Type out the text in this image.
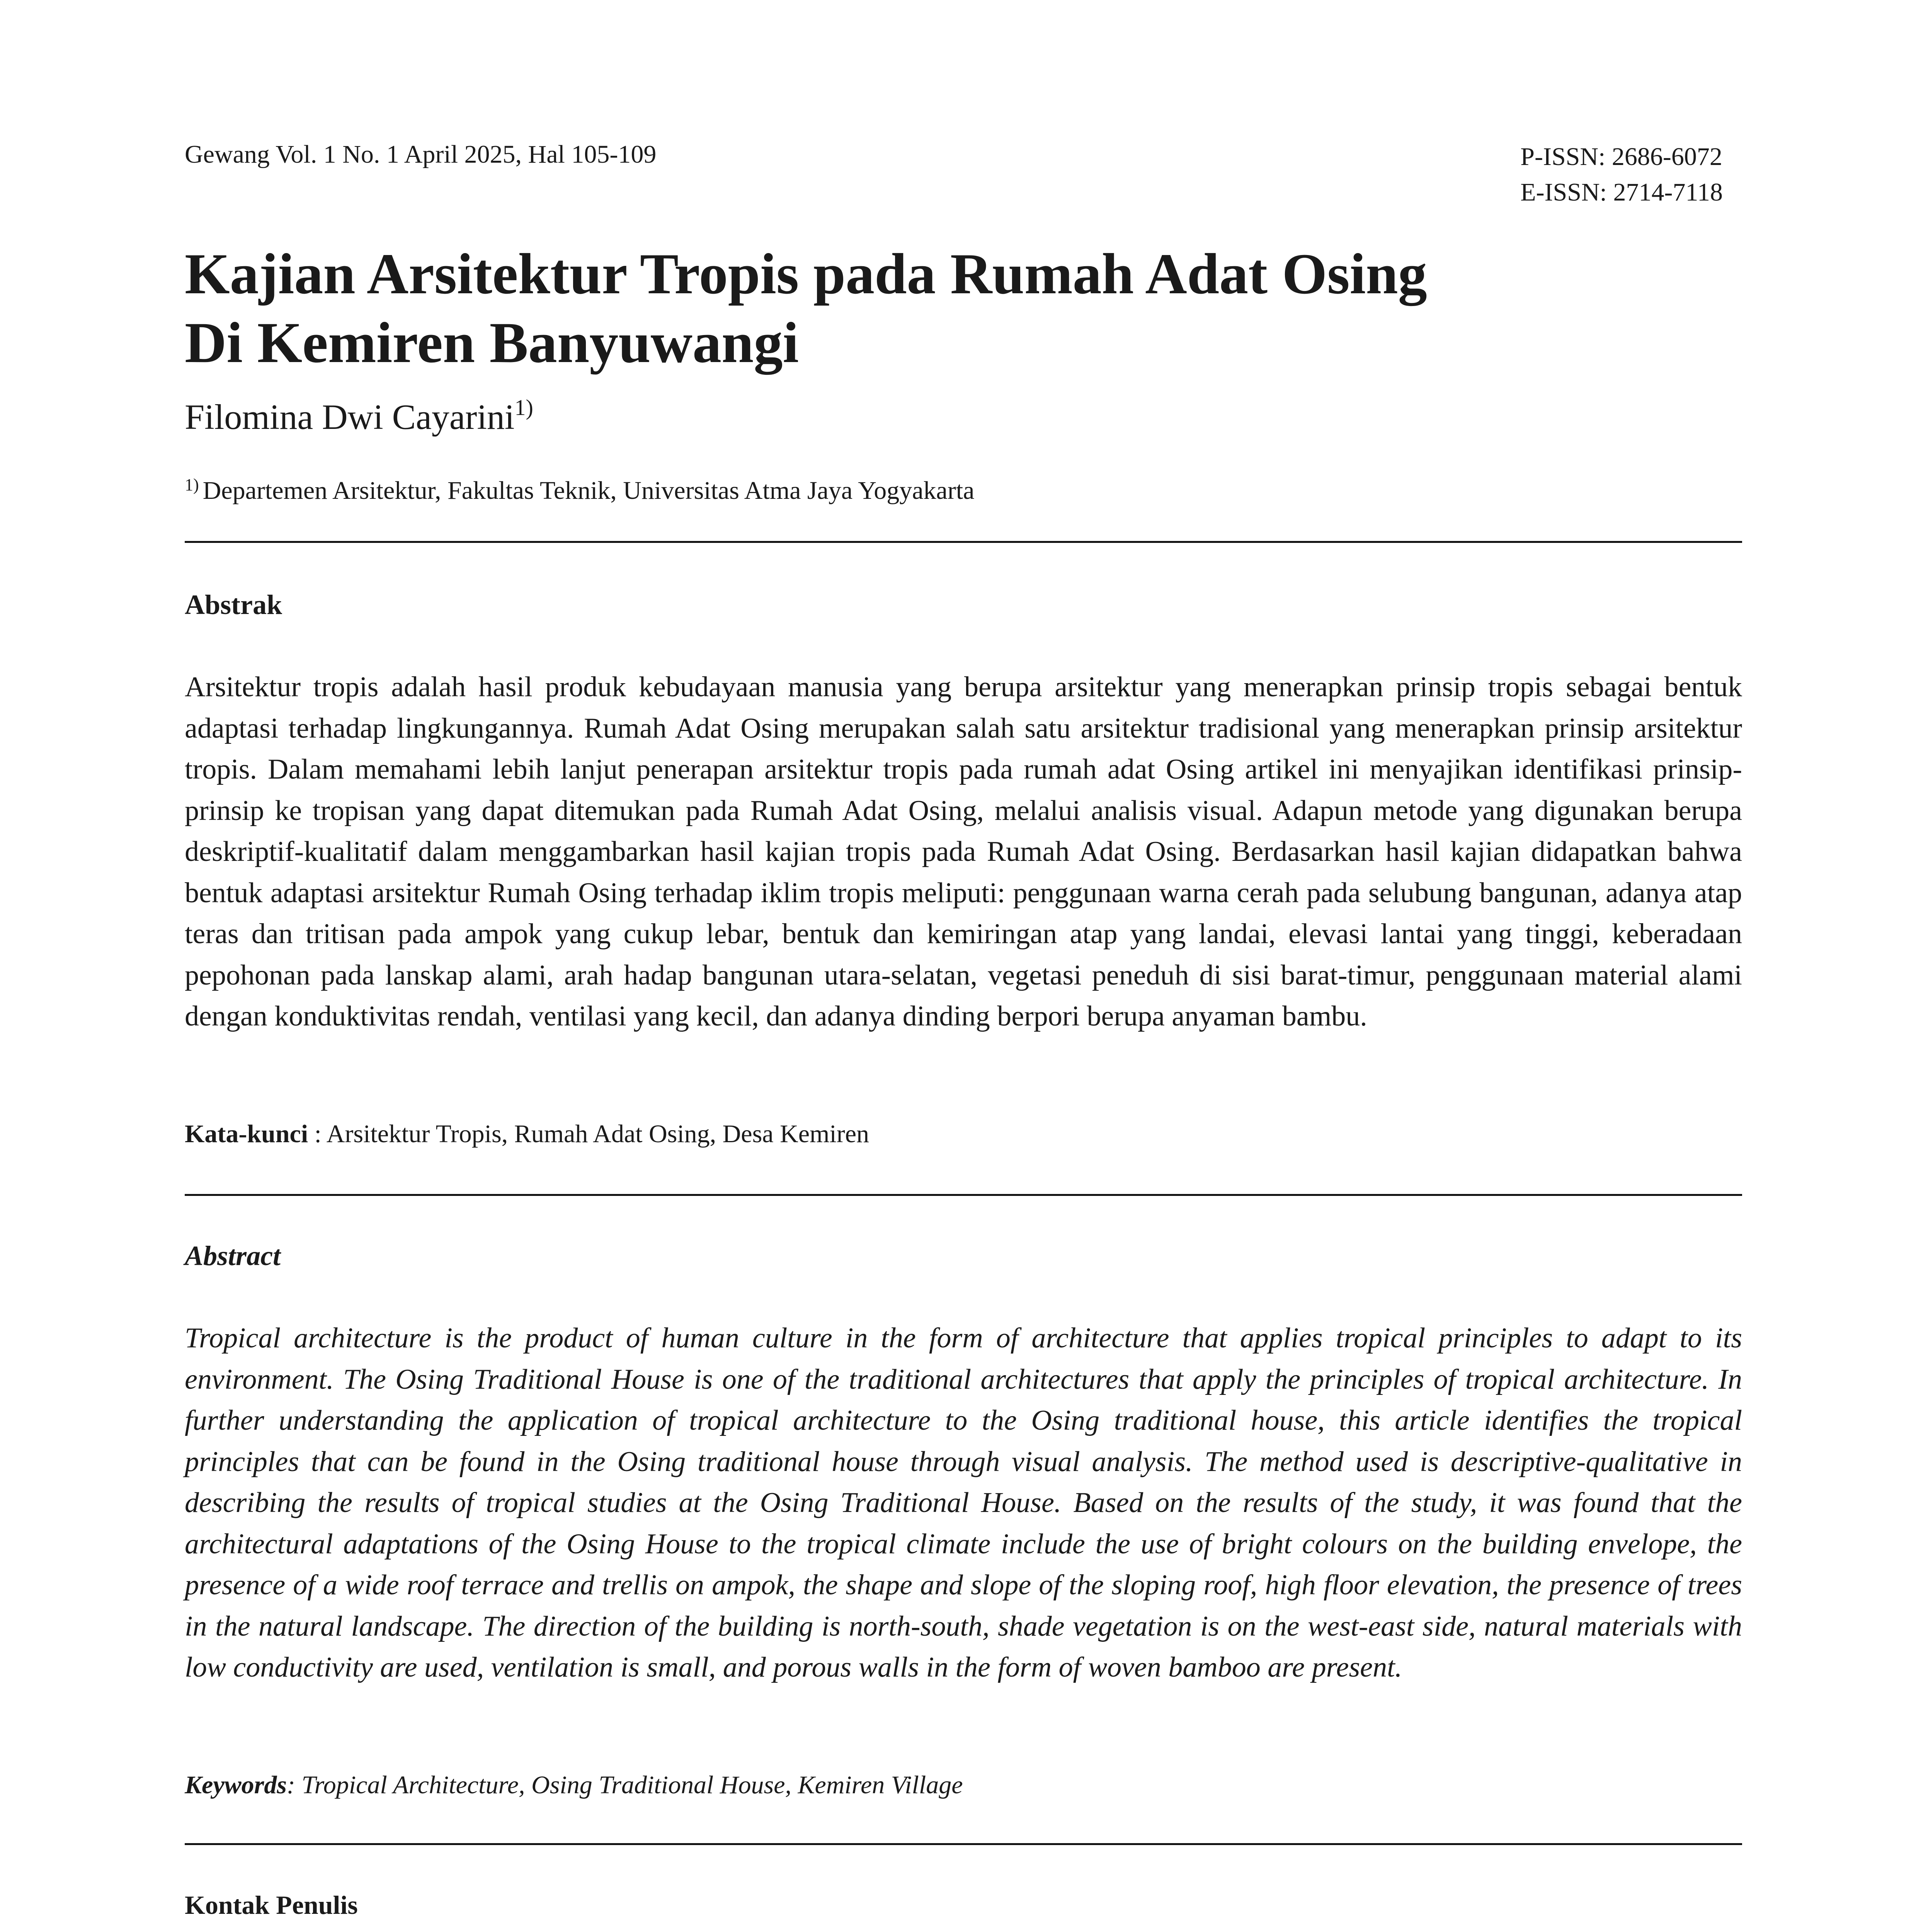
Gewang Vol. 1 No. 1 April 2025, Hal 105-109	P-ISSN: 2686-6072
E-ISSN: 2714-7118
Kajian Arsitektur Tropis pada Rumah Adat Osing
Di Kemiren Banyuwangi
Filomina Dwi Cayarini$^{1)}$
$^{1)}$ Departemen Arsitektur, Fakultas Teknik, Universitas Atma Jaya Yogyakarta
Abstrak
Arsitektur tropis adalah hasil produk kebudayaan manusia yang berupa arsitektur yang menerapkan prinsip tropis sebagai bentuk adaptasi terhadap lingkungannya. Rumah Adat Osing merupakan salah satu arsitektur tradisional yang menerapkan prinsip arsitektur tropis. Dalam memahami lebih lanjut penerapan arsitektur tropis pada rumah adat Osing artikel ini menyajikan identifikasi prinsip-prinsip ke tropisan yang dapat ditemukan pada Rumah Adat Osing, melalui analisis visual. Adapun metode yang digunakan berupa deskriptif-kualitatif dalam menggambarkan hasil kajian tropis pada Rumah Adat Osing. Berdasarkan hasil kajian didapatkan bahwa bentuk adaptasi arsitektur Rumah Osing terhadap iklim tropis meliputi: penggunaan warna cerah pada selubung bangunan, adanya atap teras dan tritisan pada ampok yang cukup lebar, bentuk dan kemiringan atap yang landai, elevasi lantai yang tinggi, keberadaan pepohonan pada lanskap alami, arah hadap bangunan utara-selatan, vegetasi peneduh di sisi barat-timur, penggunaan material alami dengan konduktivitas rendah, ventilasi yang kecil, dan adanya dinding berpori berupa anyaman bambu.
Kata-kunci : Arsitektur Tropis, Rumah Adat Osing, Desa Kemiren
Abstract
Tropical architecture is the product of human culture in the form of architecture that applies tropical principles to adapt to its environment. The Osing Traditional House is one of the traditional architectures that apply the principles of tropical architecture. In further understanding the application of tropical architecture to the Osing traditional house, this article identifies the tropical principles that can be found in the Osing traditional house through visual analysis. The method used is descriptive-qualitative in describing the results of tropical studies at the Osing Traditional House. Based on the results of the study, it was found that the architectural adaptations of the Osing House to the tropical climate include the use of bright colours on the building envelope, the presence of a wide roof terrace and trellis on ampok, the shape and slope of the sloping roof, high floor elevation, the presence of trees in the natural landscape. The direction of the building is north-south, shade vegetation is on the west-east side, natural materials with low conductivity are used, ventilation is small, and porous walls in the form of woven bamboo are present.
Keywords: Tropical Architecture, Osing Traditional House, Kemiren Village
Kontak Penulis
